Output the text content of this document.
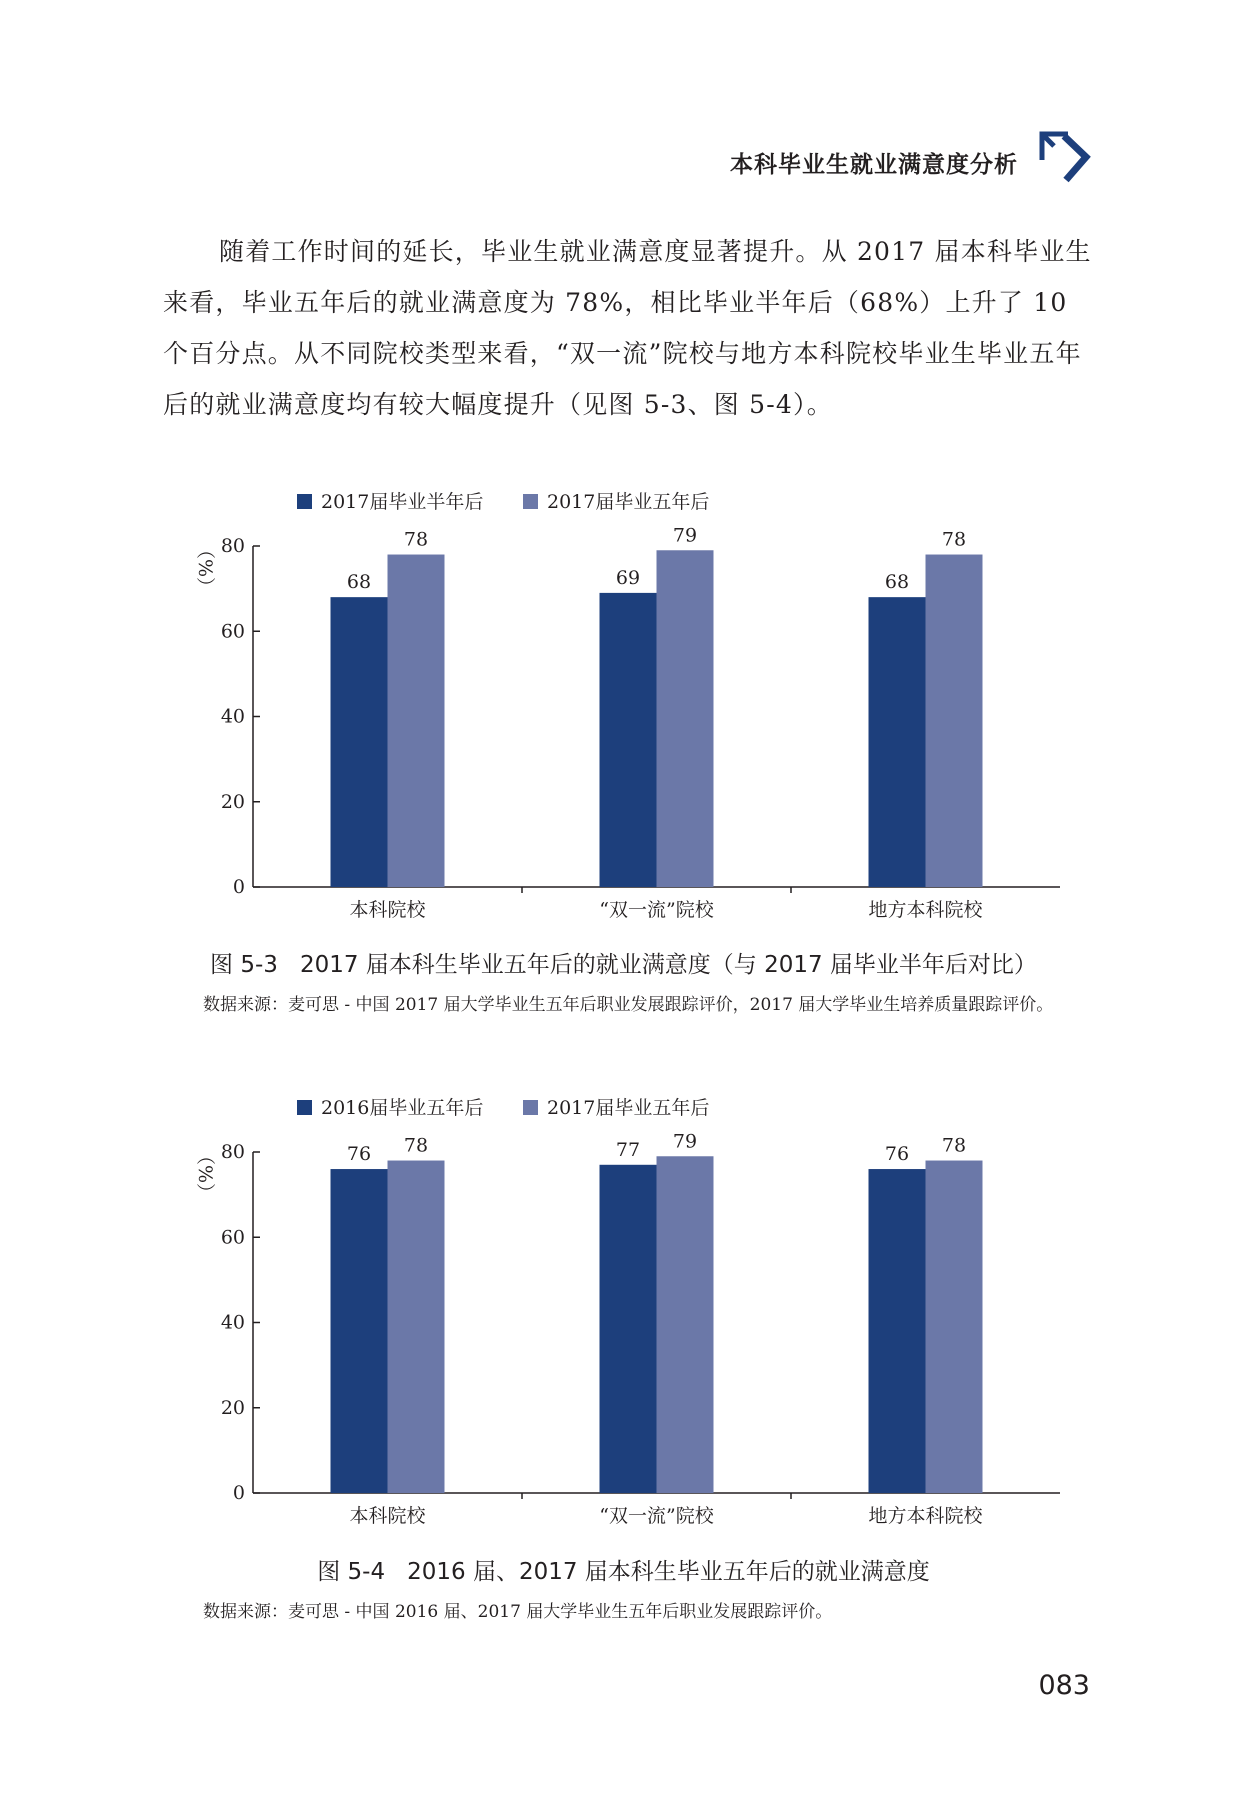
本科毕业生就业满意度分析

随着工作时间的延长，毕业生就业满意度显著提升。从 2017 届本科毕业生来看，毕业五年后的就业满意度为 78%，相比毕业半年后（68%）上升了 10 个百分点。从不同院校类型来看，“双一流”院校与地方本科院校毕业生毕业五年后的就业满意度均有较大幅度提升（见图 5-3、图 5-4）。

2017届毕业半年后	2017届毕业五年后
（%）
0
20
40
60
80
本科院校
68
78
“双一流”院校
69
79
地方本科院校
68
78
图 5-3 2017 届本科生毕业五年后的就业满意度（与 2017 届毕业半年后对比）

数据来源：麦可思 - 中国 2017 届大学毕业生五年后职业发展跟踪评价，2017 届大学毕业生培养质量跟踪评价。

2016届毕业五年后	2017届毕业五年后
（%）
0
20
40
60
80
本科院校
76 78
“双一流”院校
77 79
地方本科院校
76 78
图 5-4 2016 届、2017 届本科生毕业五年后的就业满意度

数据来源：麦可思 - 中国 2016 届、2017 届大学毕业生五年后职业发展跟踪评价。

083
